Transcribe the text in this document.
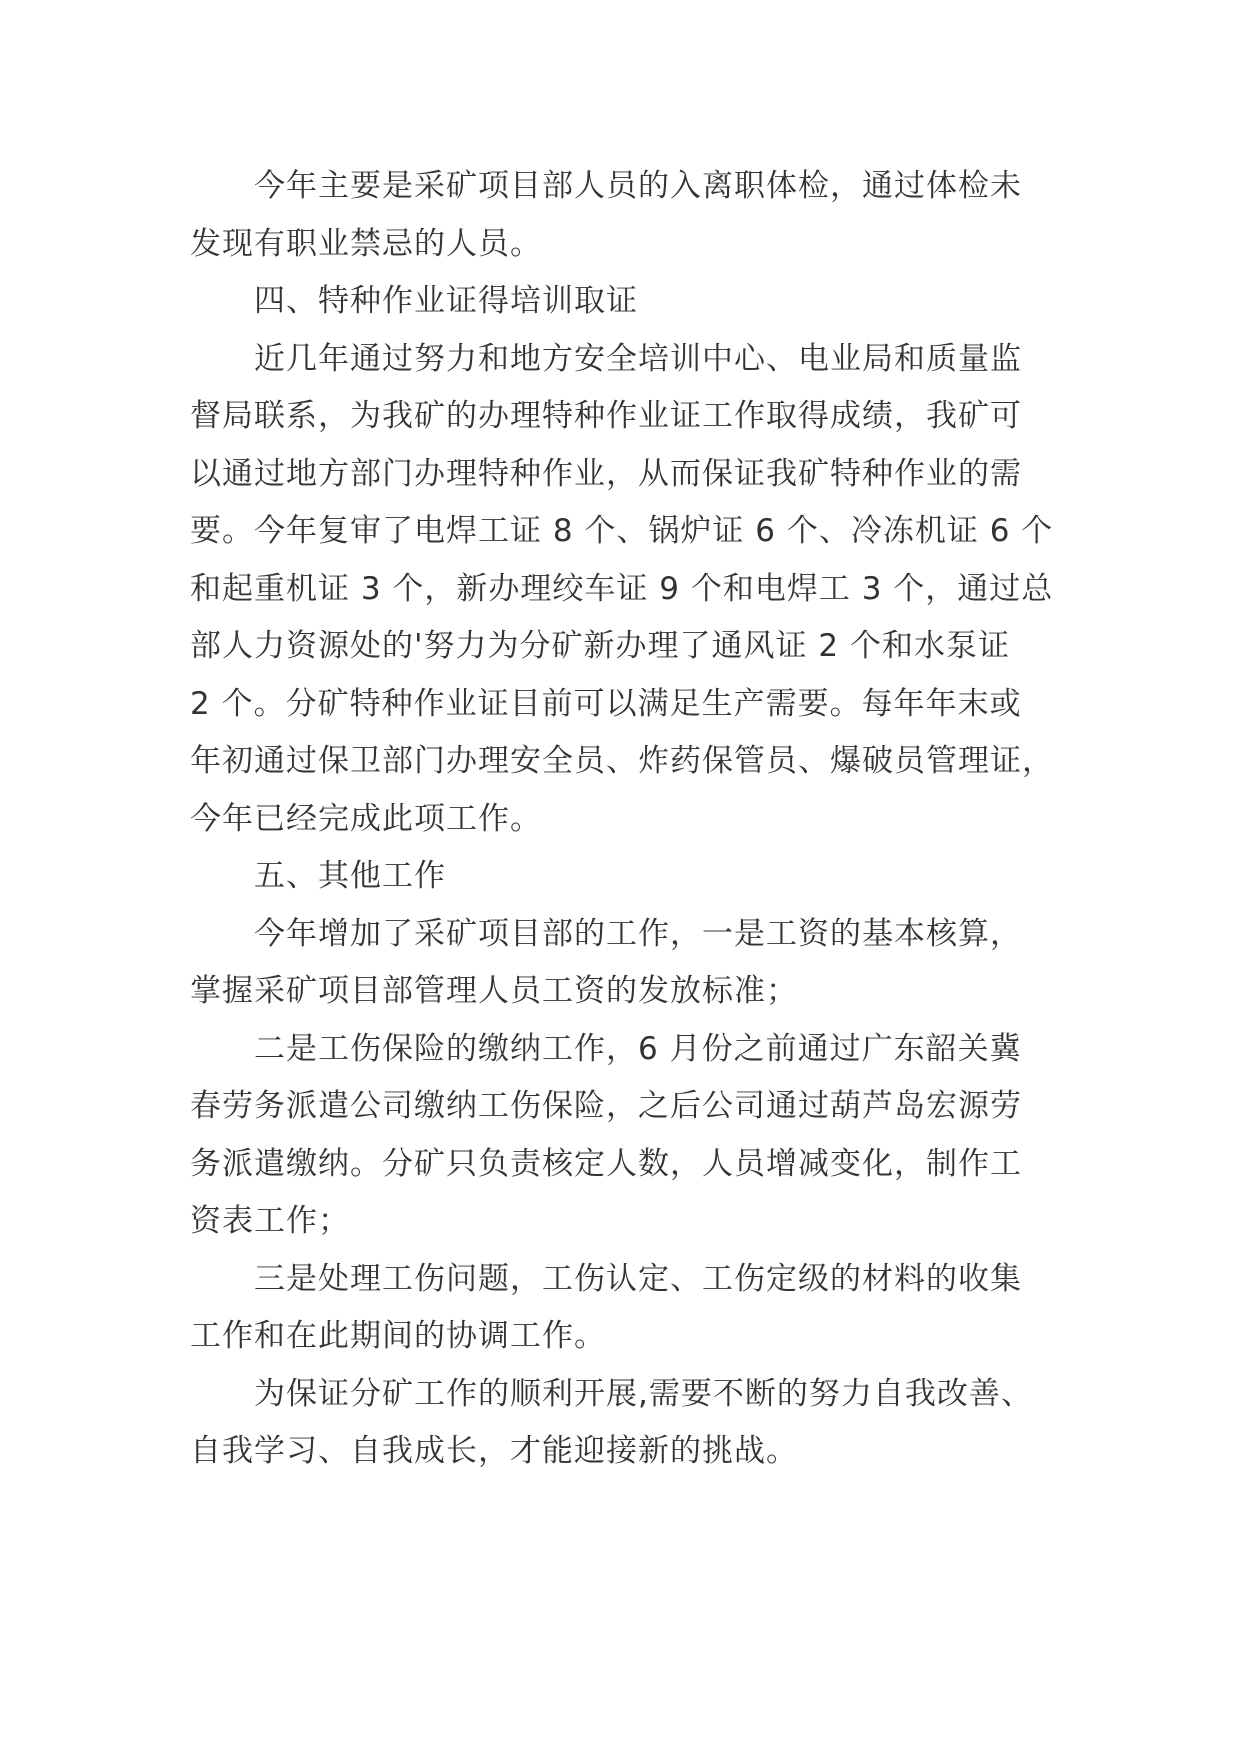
今年主要是采矿项目部人员的入离职体检，通过体检未
发现有职业禁忌的人员。
四、特种作业证得培训取证
近几年通过努力和地方安全培训中心、电业局和质量监
督局联系，为我矿的办理特种作业证工作取得成绩，我矿可
以通过地方部门办理特种作业，从而保证我矿特种作业的需
要。今年复审了电焊工证 8 个、锅炉证 6 个、冷冻机证 6 个
和起重机证 3 个，新办理绞车证 9 个和电焊工 3 个，通过总
部人力资源处的'努力为分矿新办理了通风证 2 个和水泵证
2 个。分矿特种作业证目前可以满足生产需要。每年年末或
年初通过保卫部门办理安全员、炸药保管员、爆破员管理证，
今年已经完成此项工作。
五、其他工作
今年增加了采矿项目部的工作，一是工资的基本核算，
掌握采矿项目部管理人员工资的发放标准；
二是工伤保险的缴纳工作，6 月份之前通过广东韶关冀
春劳务派遣公司缴纳工伤保险，之后公司通过葫芦岛宏源劳
务派遣缴纳。分矿只负责核定人数，人员增减变化，制作工
资表工作；
三是处理工伤问题，工伤认定、工伤定级的材料的收集
工作和在此期间的协调工作。
为保证分矿工作的顺利开展,需要不断的努力自我改善、
自我学习、自我成长，才能迎接新的挑战。
